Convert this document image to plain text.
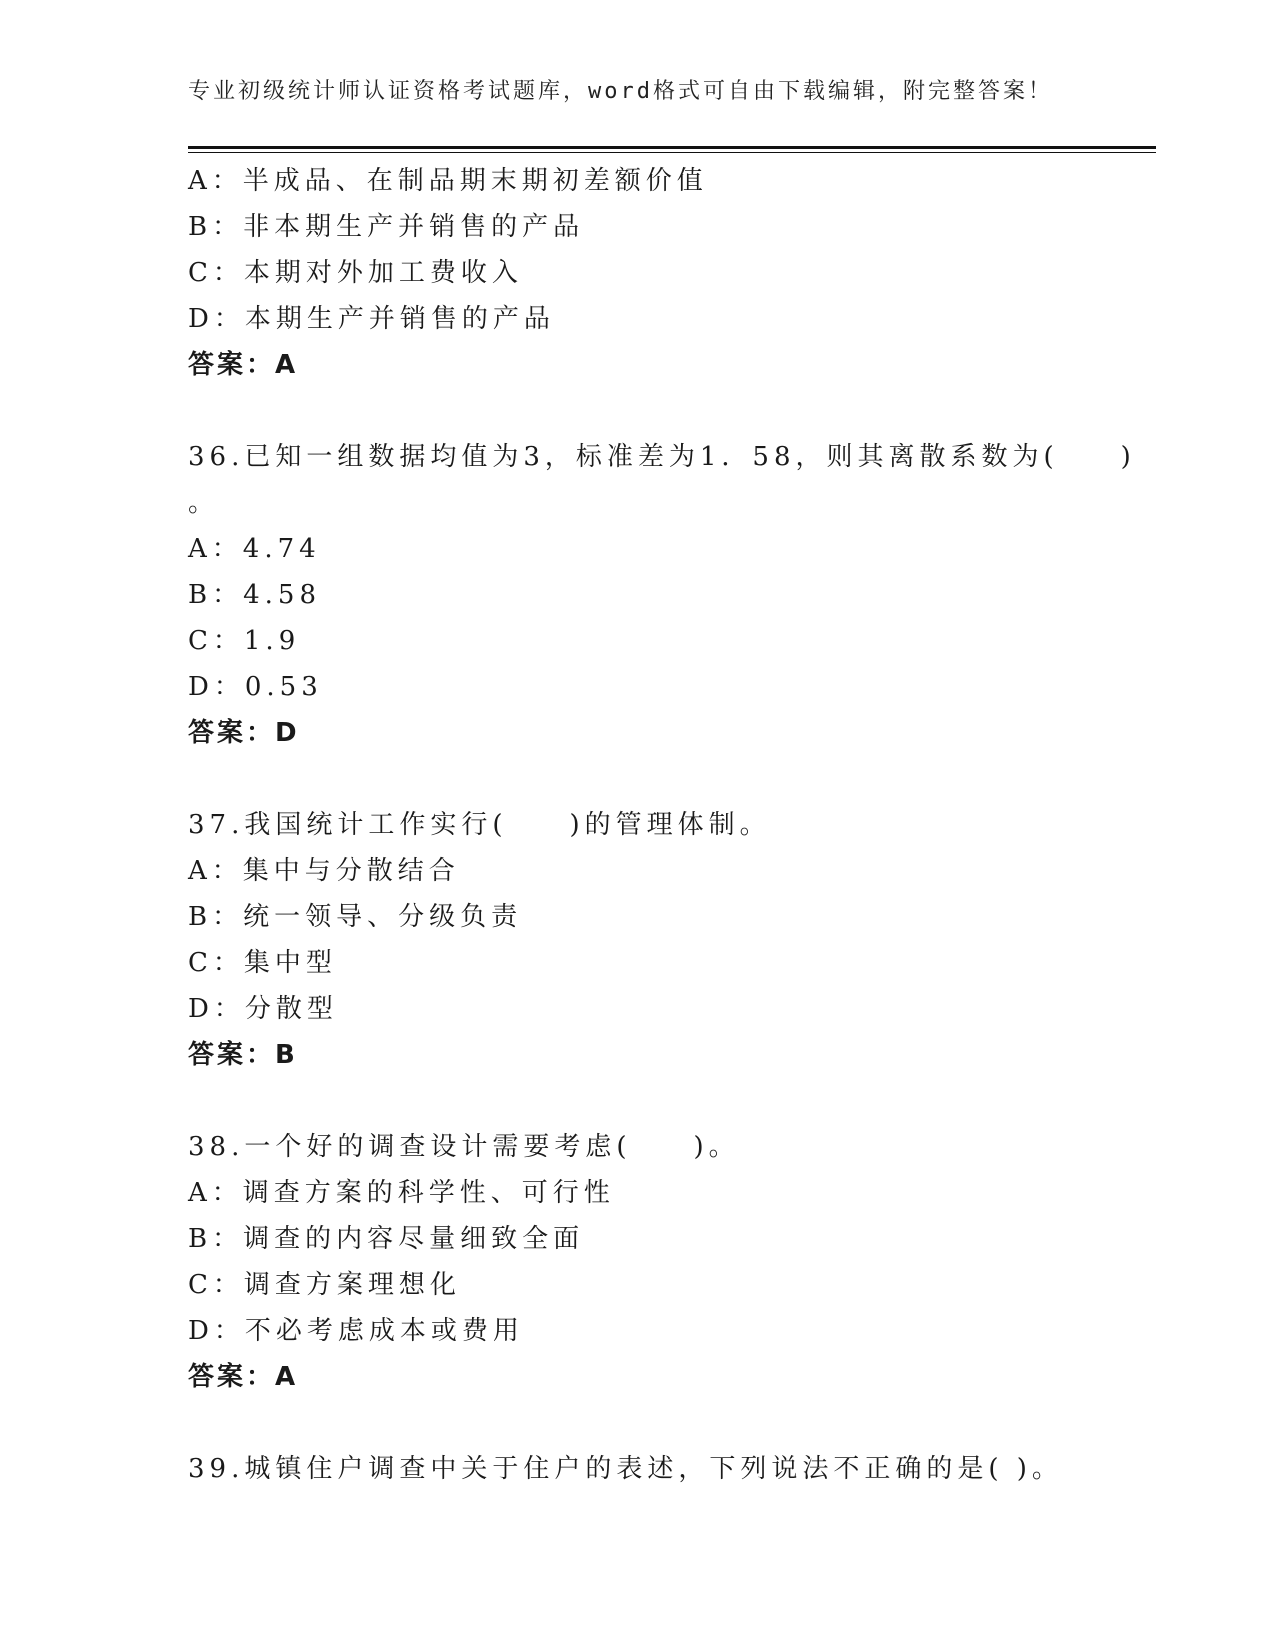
专业初级统计师认证资格考试题库，word格式可自由下载编辑，附完整答案！
A：半成品、在制品期末期初差额价值
B：非本期生产并销售的产品
C：本期对外加工费收入
D：本期生产并销售的产品
答案：A
36.已知一组数据均值为3，标准差为1．58，则其离散系数为(　　)
。
A：4.74
B：4.58
C：1.9
D：0.53
答案：D
37.我国统计工作实行(　　)的管理体制。
A：集中与分散结合
B：统一领导、分级负责
C：集中型
D：分散型
答案：B
38.一个好的调查设计需要考虑(　　)。
A：调查方案的科学性、可行性
B：调查的内容尽量细致全面
C：调查方案理想化
D：不必考虑成本或费用
答案：A
39.城镇住户调查中关于住户的表述，下列说法不正确的是( )。
